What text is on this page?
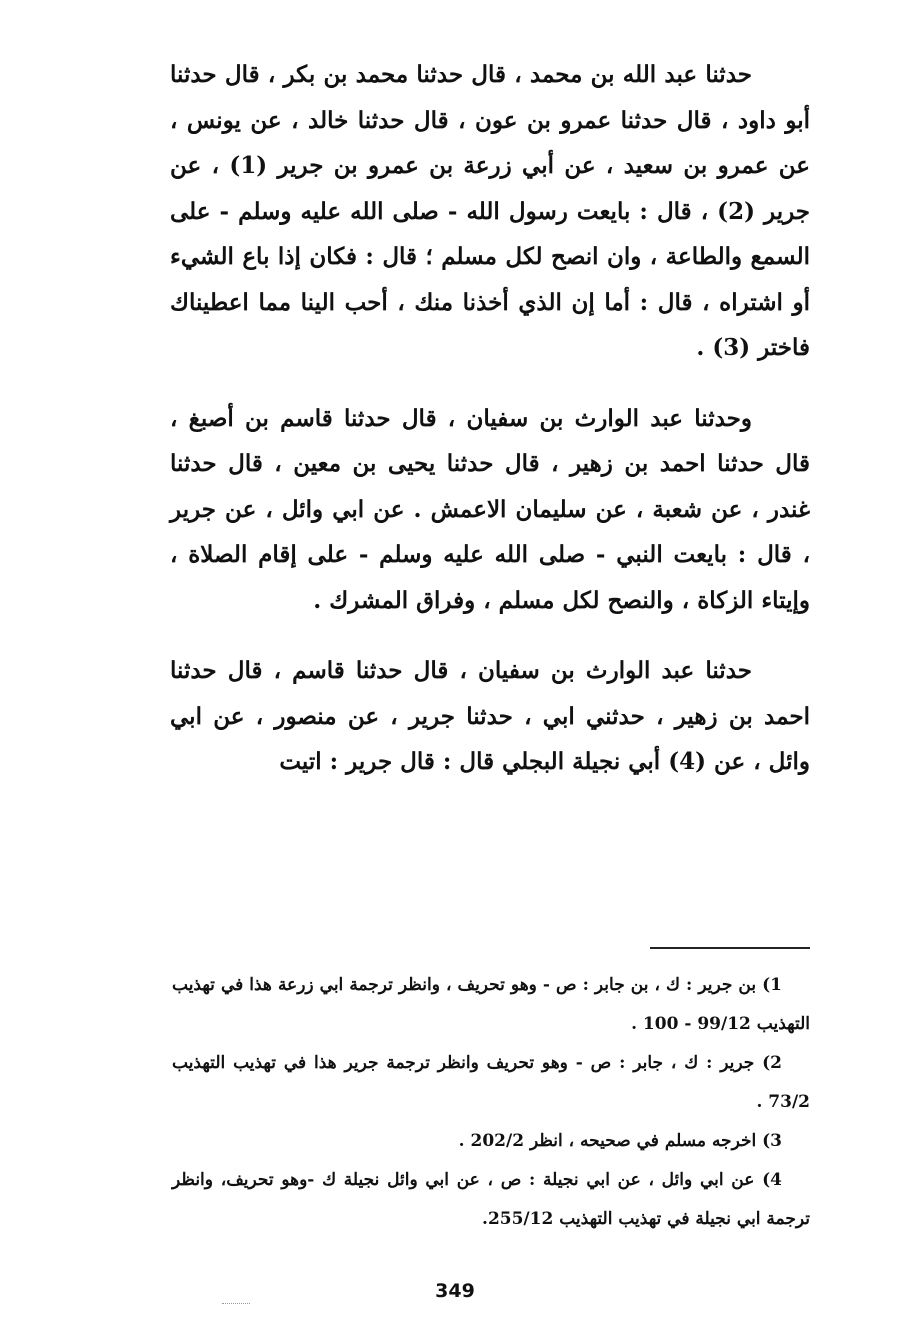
حدثنا عبد الله بن محمد ، قال حدثنا محمد بن بكر ، قال حدثنا أبو داود ، قال حدثنا عمرو بن عون ، قال حدثنا خالد ، عن يونس ، عن عمرو بن سعيد ، عن أبي زرعة بن عمرو بن جرير (1) ، عن جرير (2) ، قال : بايعت رسول الله - صلى الله عليه وسلم - على السمع والطاعة ، وان انصح لكل مسلم ؛ قال : فكان إذا باع الشيء أو اشتراه ، قال : أما إن الذي أخذنا منك ، أحب الينا مما اعطيناك فاختر (3) .

وحدثنا عبد الوارث بن سفيان ، قال حدثنا قاسم بن أصبغ ، قال حدثنا احمد بن زهير ، قال حدثنا يحيى بن معين ، قال حدثنا غندر ، عن شعبة ، عن سليمان الاعمش . عن ابي وائل ، عن جرير ، قال : بايعت النبي - صلى الله عليه وسلم - على إقام الصلاة ، وإيتاء الزكاة ، والنصح لكل مسلم ، وفراق المشرك .

حدثنا عبد الوارث بن سفيان ، قال حدثنا قاسم ، قال حدثنا احمد بن زهير ، حدثني ابي ، حدثنا جرير ، عن منصور ، عن ابي وائل ، عن (4) أبي نجيلة البجلي قال : قال جرير : اتيت

1) بن جرير : ك ، بن جابر : ص - وهو تحريف ، وانظر ترجمة ابي زرعة هذا في تهذيب التهذيب 99/12 - 100 .

2) جرير : ك ، جابر : ص - وهو تحريف وانظر ترجمة جرير هذا في تهذيب التهذيب 73/2 .

3) اخرجه مسلم في صحيحه ، انظر 202/2 .

4) عن ابي وائل ، عن ابي نجيلة : ص ، عن ابي وائل نجيلة ك -وهو تحريف، وانظر ترجمة ابي نجيلة في تهذيب التهذيب 255/12.

349
